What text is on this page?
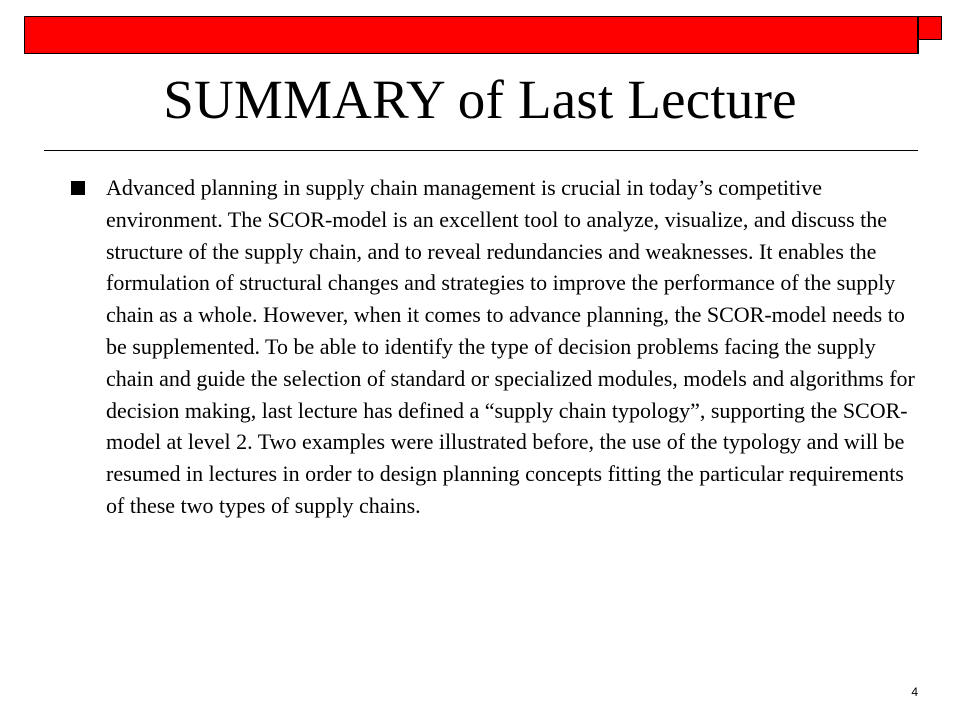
SUMMARY of Last Lecture

Advanced planning in supply chain management is crucial in today’s competitive environment. The SCOR-model is an excellent tool to analyze, visualize, and discuss the structure of the supply chain, and to reveal redundancies and weaknesses. It enables the formulation of structural changes and strategies to improve the performance of the supply chain as a whole. However, when it comes to advance planning, the SCOR-model needs to be supplemented. To be able to identify the type of decision problems facing the supply chain and guide the selection of standard or specialized modules, models and algorithms for decision making, last lecture has defined a “supply chain typology”, supporting the SCOR-model at level 2. Two examples were illustrated before, the use of the typology and will be resumed in lectures in order to design planning concepts fitting the particular requirements of these two types of supply chains.

4
